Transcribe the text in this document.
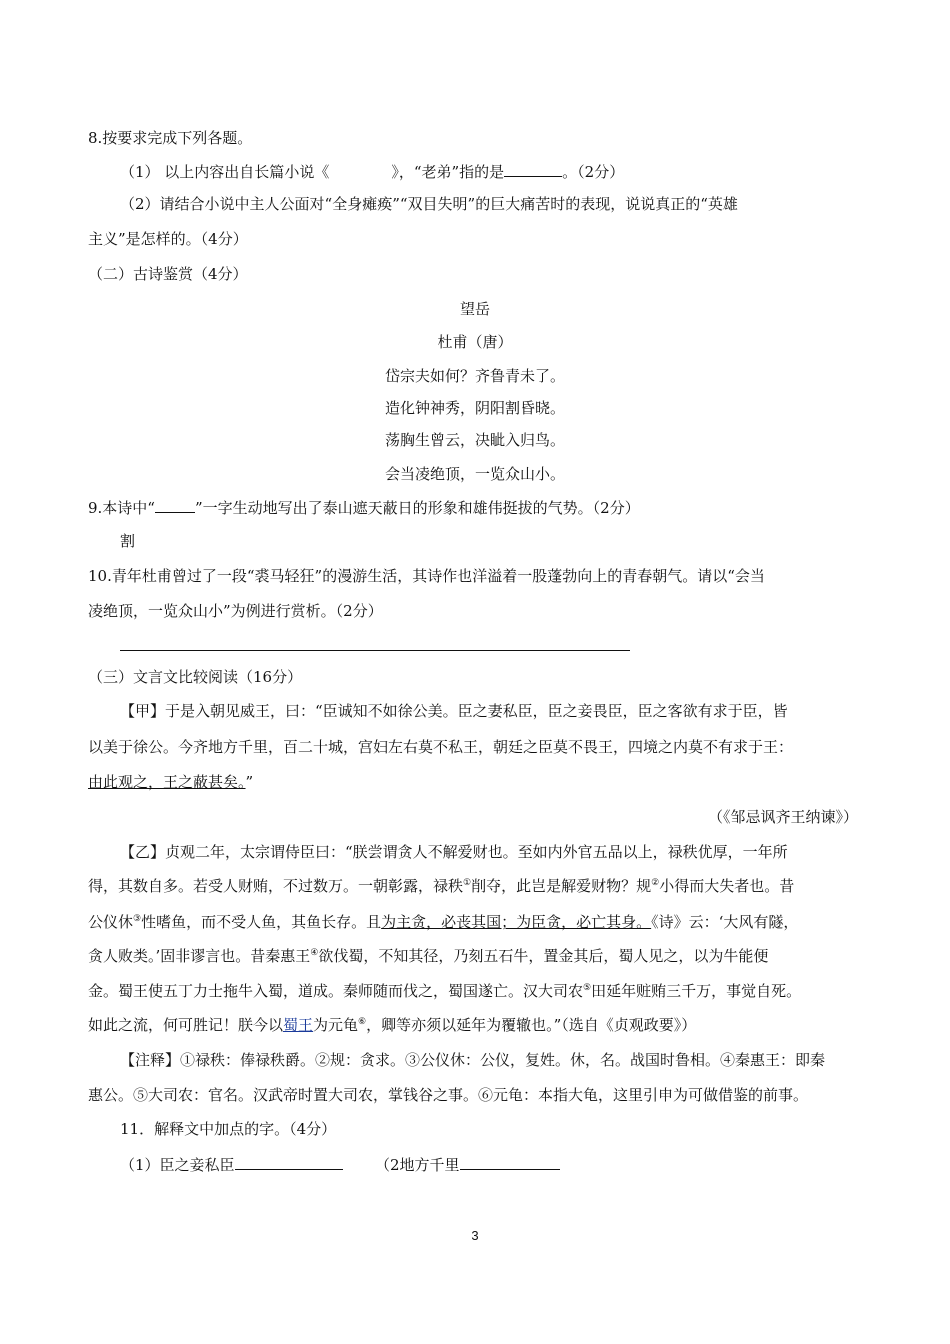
8.按要求完成下列各题。
（1） 以上内容出自长篇小说《	》，“老弟”指的是	。（2分）
（2）请结合小说中主人公面对“全身瘫痪”“双目失明”的巨大痛苦时的表现，说说真正的“英雄
主义”是怎样的。（4分）
（二）古诗鉴赏（4分）
望岳
杜甫（唐）
岱宗夫如何？齐鲁青未了。
造化钟神秀，阴阳割昏晓。
荡胸生曾云，决眦入归鸟。
会当凌绝顶，一览众山小。
9.本诗中“	”一字生动地写出了泰山遮天蔽日的形象和雄伟挺拔的气势。（2分）
割
10.青年杜甫曾过了一段“裘马轻狂”的漫游生活，其诗作也洋溢着一股蓬勃向上的青春朝气。请以“会当
凌绝顶，一览众山小”为例进行赏析。（2分）
（三）文言文比较阅读（16分）
【甲】于是入朝见威王，曰：“臣诚知不如徐公美。臣之妻私臣，臣之妾畏臣，臣之客欲有求于臣，皆
以美于徐公。今齐地方千里，百二十城，宫妇左右莫不私王，朝廷之臣莫不畏王，四境之内莫不有求于王：
由此观之，王之蔽甚矣。”
（《邹忌讽齐王纳谏》）
【乙】贞观二年，太宗谓侍臣曰：“朕尝谓贪人不解爱财也。至如内外官五品以上，禄秩优厚，一年所
得，其数自多。若受人财贿，不过数万。一朝彰露，禄秩①削夺，此岂是解爱财物？规②小得而大失者也。昔
公仪休③性嗜鱼，而不受人鱼，其鱼长存。且为主贪，必丧其国；为臣贪，必亡其身。《诗》云：‘大风有隧，
贪人败类。’固非谬言也。昔秦惠王④欲伐蜀，不知其径，乃刻五石牛，置金其后，蜀人见之，以为牛能便
金。蜀王使五丁力士拖牛入蜀，道成。秦师随而伐之，蜀国遂亡。汉大司农⑤田延年赃贿三千万，事觉自死。
如此之流，何可胜记！朕今以蜀王为元龟⑥，卿等亦须以延年为覆辙也。”（选自《贞观政要》）
【注释】①禄秩：俸禄秩爵。②规：贪求。③公仪休：公仪，复姓。休，名。战国时鲁相。④秦惠王：即秦
惠公。⑤大司农：官名。汉武帝时置大司农，掌钱谷之事。⑥元龟：本指大龟，这里引申为可做借鉴的前事。
11．解释文中加点的字。（4分）
（1）臣之妾私臣	（2地方千里
3
